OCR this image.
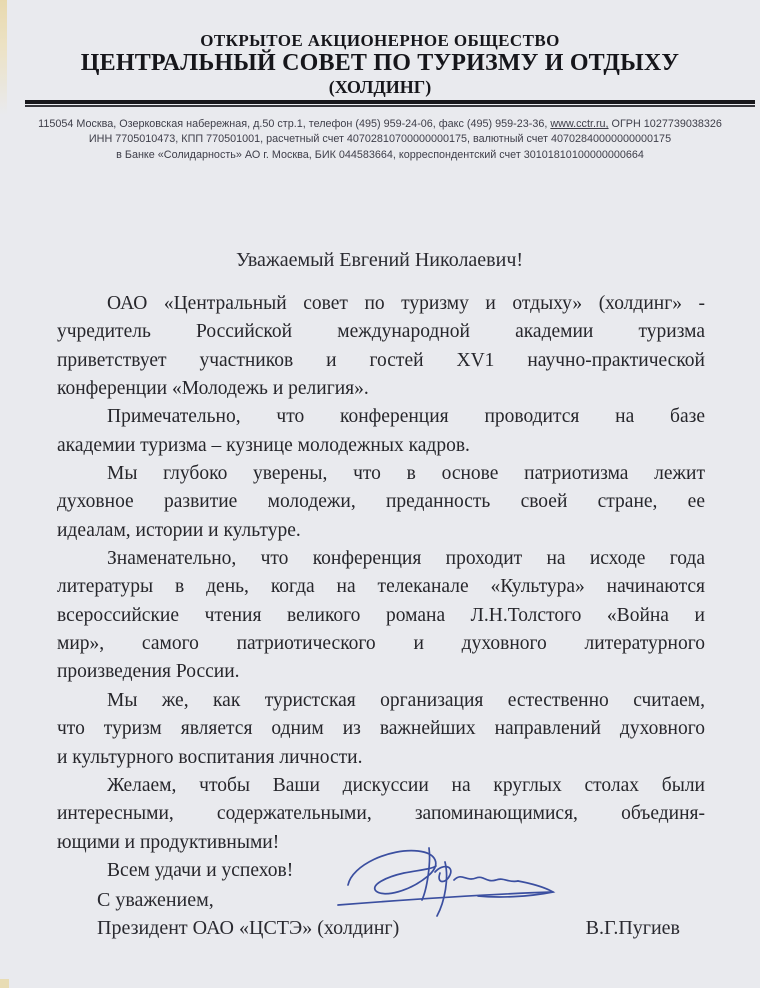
ОТКРЫТОЕ АКЦИОНЕРНОЕ ОБЩЕСТВО
ЦЕНТРАЛЬНЫЙ СОВЕТ ПО ТУРИЗМУ И ОТДЫХУ
(ХОЛДИНГ)
115054 Москва, Озерковская набережная, д.50 стр.1, телефон (495) 959-24-06, факс (495) 959-23-36, www.cctr.ru, ОГРН 1027739038326
ИНН 7705010473, КПП 770501001, расчетный счет 40702810700000000175, валютный счет 40702840000000000175
в Банке «Солидарность» АО г. Москва, БИК 044583664, корреспондентский счет 30101810100000000664
Уважаемый Евгений Николаевич!
ОАО «Центральный совет по туризму и отдыху» (холдинг» -
учредитель Российской международной академии туризма
приветствует участников и гостей XV1 научно-практической
конференции «Молодежь и религия».
Примечательно, что конференция проводится на базе
академии туризма – кузнице молодежных кадров.
Мы глубоко уверены, что в основе патриотизма лежит
духовное развитие молодежи, преданность своей стране, ее
идеалам, истории и культуре.
Знаменательно, что конференция проходит на исходе года
литературы в день, когда на телеканале «Культура» начинаются
всероссийские чтения великого романа Л.Н.Толстого «Война и
мир», самого патриотического и духовного литературного
произведения России.
Мы же, как туристская организация естественно считаем,
что туризм является одним из важнейших направлений духовного
и культурного воспитания личности.
Желаем, чтобы Ваши дискуссии на круглых столах были
интересными, содержательными, запоминающимися, объединя-
ющими и продуктивными!
Всем удачи и успехов!
С уважением,
Президент ОАО «ЦСТЭ» (холдинг)	В.Г.Пугиев
